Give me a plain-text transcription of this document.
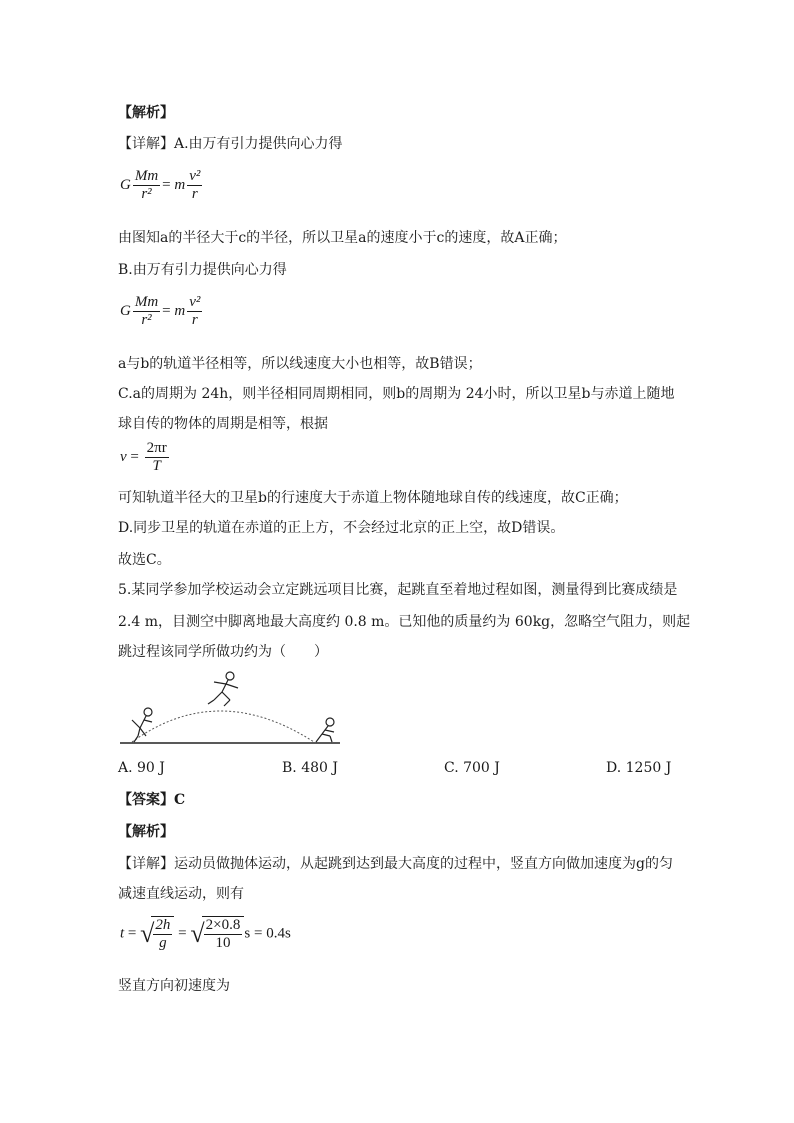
【解析】
【详解】A.由万有引力提供向心力得
G $\frac{Mm}{\text{r²}} = m \frac{\text{v²}}{r}$
由图知a的半径大于c的半径，所以卫星a的速度小于c的速度，故A正确；
B.由万有引力提供向心力得
G $\frac{Mm}{\text{r²}} = m \frac{\text{v²}}{r}$
a与b的轨道半径相等，所以线速度大小也相等，故B错误；
C.a的周期为 24h，则半径相同周期相同，则b的周期为 24小时，所以卫星b与赤道上随地
球自传的物体的周期是相等，根据
$v = \frac{2\pi r}{T}$
可知轨道半径大的卫星b的行速度大于赤道上物体随地球自传的线速度，故C正确；
D.同步卫星的轨道在赤道的正上方，不会经过北京的正上空，故D错误。
故选C。
5.某同学参加学校运动会立定跳远项目比赛，起跳直至着地过程如图，测量得到比赛成绩是
2.4 m，目测空中脚离地最大高度约 0.8 m。已知他的质量约为 60kg，忽略空气阻力，则起
跳过程该同学所做功约为（　　）
A. 90 J	B. 480 J	C. 700 J	D. 1250 J
【答案】C
【解析】
【详解】运动员做抛体运动，从起跳到达到最大高度的过程中，竖直方向做加速度为g的匀
减速直线运动，则有
t = √ $\frac{2h}{g}$ = √ $\frac{2\times 0.8}{10}$ s = 0.4s
竖直方向初速度为
